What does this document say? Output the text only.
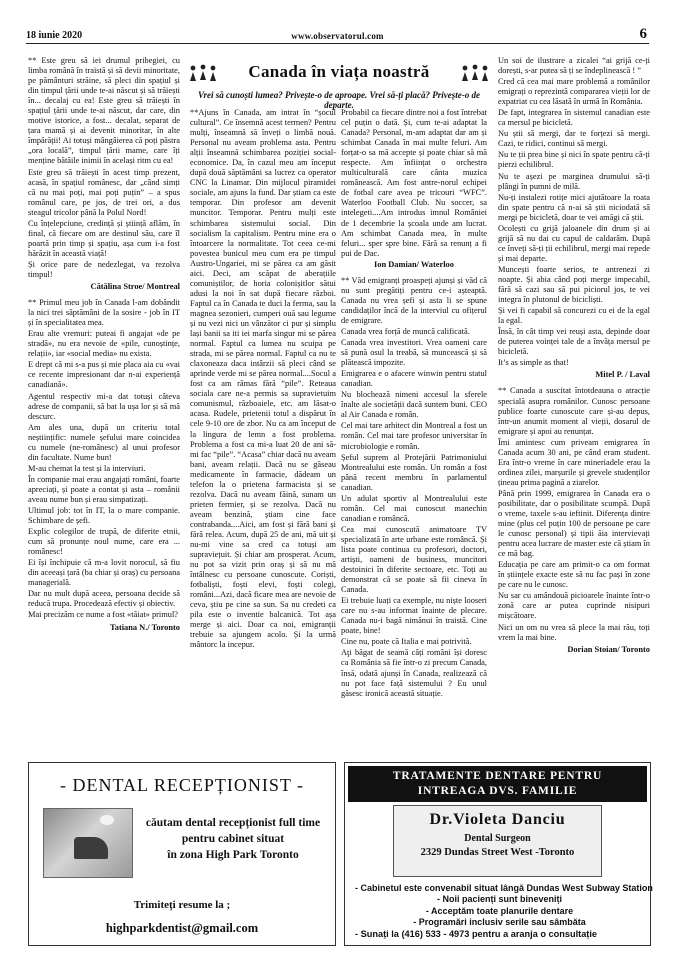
18 iunie 2020	www.observatorul.com	6
Canada în viața noastră
Vrei să cunoști lumea? Privește-o de aproape. Vrei să-ți placă? Privește-o de departe.

** Este greu să iei drumul pribegiei, cu limba română în traistă și să devii minoritate, pe pământuri străine, să pleci din spațiul și din timpul țării unde te-ai născut și să trăiești în... decalaj cu ea! Este greu să trăiești în spațiul țării unde te-ai născut, dar care, din motive istorice, a fost... decalat, separat de țara mamă și ai devenit minoritar, în alte împărății! Ai totuși mângâierea că poți păstra „ora locală”, timpul țării mame, care îți menține bătăile inimii în același ritm cu ea!

Este greu să trăiești în acest timp prezent, acasă, în spațiul românesc, dar „când simți că nu mai poți, mai poți puțin” – a spus românul care, pe jos, de trei ori, a dus steagul tricolor până la Polul Nord!

Cu înțelepciune, credință și știință aflăm, în final, că fiecare om are destinul său, care îl poartă prin timp și spațiu, așa cum i-a fost hărăzit în această viață!

Și orice pare de nedezlegat, va rezolva timpul!

Cătălina Stroe/ Montreal

** Primul meu job în Canada l-am dobândit la nici trei săptămâni de la sosire - job în IT și în specialitatea mea.

Erau alte vremuri: puteai fi angajat «de pe stradă», nu era nevoie de «pile, cunoștințe, relații», iar «social media» nu exista.

E drept că mi s-a pus și mie placa aia cu «vai ce recente impresionant dar n-ai experiență canadiană».

Agentul respectiv mi-a dat totuși câteva adrese de companii, să bat la ușa lor și să mă descurc.

Am ales una, după un criteriu total neștiințific: numele șefului mare coincidea cu numele (ne-românesc) al unui profesor din facultate. Nume bun!

M-au chemat la test și la interviuri.

În companie mai erau angajați români, foarte apreciați, și poate a contat și asta – românii aveau nume bun și erau simpatizați.

Ultimul job: tot în IT, la o mare companie. Schimbare de șefi.

Explic colegilor de trupă, de diferite etnii, cum să pronunțe noul nume, care era ... românesc!

Ei își închipuie că m-a lovit norocul, să fiu din aceeași țară (ba chiar și oraș) cu persoana managerială.

Dar nu mult după aceea, persoana decide să reducă trupa. Procedează efectiv și obiectiv.

Mai precizăm ce nume a fost «tăiat» primul?

Tatiana N./ Toronto

**Ajuns în Canada, am intrat în “șocul cultural”. Ce însemnă acest termen? Pentru mulți, înseamnă să înveți o limbă nouă. Personal nu aveam problema asta. Pentru alții înseamnă schimbarea poziției social-economice. Da, în cazul meu am început după două săptămâni sa lucrez ca operator CNC la Linamar. Din mijlocul piramidei sociale, am ajuns la fund. Dar știam ca este temporar. Din profesor am devenit muncitor. Temporar. Pentru mulți este schimbarea sistemului social. Din socialism la capitalism. Pentru mine era o întoarcere la normalitate. Tot ceea ce-mi povestea bunicul meu cum era pe timpul Austro-Ungariei, mi se părea ca am găsit aici. Deci, am scăpat de aberațiile comuniștilor, de horia colonișitlor sătui adusi la noi în sat după fiecare război. Faptul ca în Canada te duci la ferma, sau la magnea sezonieri, cumperi ouă sau legume și nu vezi nici un vânzător ci pur și simplu lași banii sa iti iei marfa singur mi se părea normal. Faptul ca lumea nu scuipa pe strada, mi se părea normal. Faptul ca nu te claxoneaza daca intârzii să pleci când se aprinde verde mi se părea normal....Socul a fost ca am rămas fără “pile”. Reteaua sociala care ne-a permis sa supravietuim comunismul, războaiele, etc. am lăsat-o acasa. Rudele, prietenii totul a dispărut în cele 9-10 ore de zbor. Nu ca am început de la lingura de lemn a fost problema. Problema a fost ca mi-a luat 20 de ani să-mi fac “pile”. “Acasa” chiar dacă nu aveam bani, aveam relații. Dacă nu se găseau medicamente în farmacie, dădeam un telefon la o prietena farmacista și se rezolva. Dacă nu aveam făină, sunam un prieten fermier, și se rezolva. Dacă nu aveam benzină, știam cine face contrabanda....Aici, am fost și fără bani și fără relea. Acum, după 25 de ani, mă uit și nu-mi vine sa cred ca totuși am supraviețuit. Și chiar am prosperat. Acum, nu pot sa vizit prin oraș și să nu mă întâlnesc cu persoane cunoscute. Coriști, fotbaliști, foști elevi, foști colegi, români...Azi, dacă ficare mea are nevoie de ceva, știu pe cine sa sun. Sa nu credeti ca pila este o inventie balcanică. Tot așa merge și aici. Doar ca noi, emigranții trebuie sa ajungem acolo. Și la urmă mântorc la incepur.

Probabil ca fiecare dintre noi a fost întrebat cel puțin o dată. Și, cum te-ai adaptat la Canada? Personal, m-am adaptat dar am și schimbat Canada în mai multe feluri. Am forțat-o sa mă accepte și poate chiar să mă respecte. Am înființat o orchestra multiculturală care cânta muzica românească. Am fost antre-norul echipei de fotbal care avea pe tricouri “WFC”. Waterloo Football Club. Nu soccer, sa intelegeti....Am introdus imnul României de 1 decembrie la școala unde am lucrat. Am schimbat Canada mea, în multe feluri... sper spre bine. Fără sa renunț a fi pui de Dac.

Ion Damian/ Waterloo

** Văd emigranți proaspeți ajunși și văd că nu sunt pregătiți pentru ce-i așteaptă. Canada nu vrea șefi și asta li se spune candidaților încă de la interviul cu ofițerul de emigrare.

Canada vrea forță de muncă calificată.

Canada vrea investitori. Vrea oameni care să pună osul la treabă, să muncească și să plătească impozite.

Emigrarea e o afacere winwin pentru statul canadian.

Nu blochează nimeni accesul la sferele înalte ale societății dacă suntem buni. CEO al Air Canada e român.

Cel mai tare arhitect din Montreal a fost un român. Cel mai tare profesor universitar în microbiologie e român.

Șeful suprem al Protejării Patrimoniului Montrealului este român. Un român a fost până recent membru în parlamentul canadian.

Un adulat sportiv al Montrealului este român. Cel mai cunoscut manechin canadian e româncă.

Cea mai cunoscută animatoare TV specializată în arte urbane este româncă. Și lista poate continua cu profesori, doctori, artiști, oameni de business, muncitori destoinici în diferite sectoare, etc. Toți au demonstrat că se poate să fii cineva în Canada.

Ei trebuie luați ca exemple, nu niște looseri care nu s-au informat înainte de plecare. Canada nu-i bagă nimănui în traistă. Cine poate, bine!

Cine nu, poate că Italia e mai potrivită.

Aţi băgat de seamă câți români își doresc ca România să fie într-o zi precum Canada, însă, odată ajunși în Canada, realizează că nu pot face față sistemului ? Eu unul găsesc ironică această situație.

Un soi de ilustrare a zicalei “ai grijă ce-ți dorești, s-ar putea să ți se îndeplinească ! ”

Cred că cea mai mare problemă a românilor emigrați o reprezintă compararea vieții lor de expatriat cu cea lăsată în urmă în România.

De fapt, integrarea în sistemul canadian este ca mersul pe bicicletă.

Nu știi să mergi, dar te forțezi să mergi. Cazi, te ridici, continui să mergi.

Nu te ții prea bine și nici în spate pentru că-ți pierzi echilibrul.

Nu te așezi pe marginea drumului să-ți plângi în pumni de milă.

Nu-ți instalezi rotițe mici ajutătoare la roata din spate pentru că n-ai să știi niciodată să mergi pe bicicletă, doar te vei amăgi că știi.

Ocolești cu grijă jaloanele din drum și ai grijă să nu dai cu capul de caldarâm. După ce înveți să-ți ții echilibrul, mergi mai repede și mai departe.

Muncești foarte serios, te antrenezi zi noapte. Și abia când poți merge impecabil, fără să cazi sau să pui piciorul jos, te vei integra în plutonul de bicicliști.

Și vei fi capabil să concurezi cu ei de la egal la egal.

Însă, în cât timp vei reuși asta, depinde doar de puterea voinței tale de a învăța mersul pe bicicletă.

It’s as simple as that!

Mitel P. / Laval

** Canada a suscitat întotdeauna o atracție specială asupra românilor. Cunosc persoane publice foarte cunoscute care și-au depus, într-un anumit moment al vieții, dosarul de emigrare și apoi au renunțat.

Îmi amintesc cum priveam emigrarea în Canada acum 30 ani, pe când eram student. Era într-o vreme în care mineriadele erau la ordinea zilei, marșurile și grevele studenților țineau prima pagină a ziarelor.

Până prin 1999, emigrarea în Canada era o posibilitate, dar o posibilitate scumpă. După o vreme, taxele s-au ieftinit. Diferența dintre mine (plus cel puțin 100 de persoane pe care le cunosc personal) și tipii ăia intervievați pentru acea lucrare de master este că știam în ce mă bag.

Educația pe care am primit-o ca om format în științele exacte este să nu fac pași în zone pe care nu le cunosc.

Nu sar cu amândouă picioarele înainte într-o zonă care ar putea cuprinde nisipuri mișcătoare.

Nici un om nu vrea să plece la mai rău, toți vrem la mai bine.

Dorian Stoian/ Toronto
- DENTAL RECEPȚIONIST -
căutam dental recepționist full time
pentru cabinet situat
în zona High Park Toronto
Trimiteți resume la ;
highparkdentist@gmail.com
TRATAMENTE DENTARE PENTRU
INTREAGA DVS. FAMILIE
Dr.Violeta Danciu
Dental Surgeon
2329 Dundas Street West -Toronto
- Cabinetul este convenabil situat lângă Dundas West Subway Station
- Noii pacienți sunt bineveniți
- Acceptăm toate planurile dentare
- Programări inclusiv serile sau sâmbăta
- Sunați la (416) 533 - 4973 pentru a aranja o consultație
